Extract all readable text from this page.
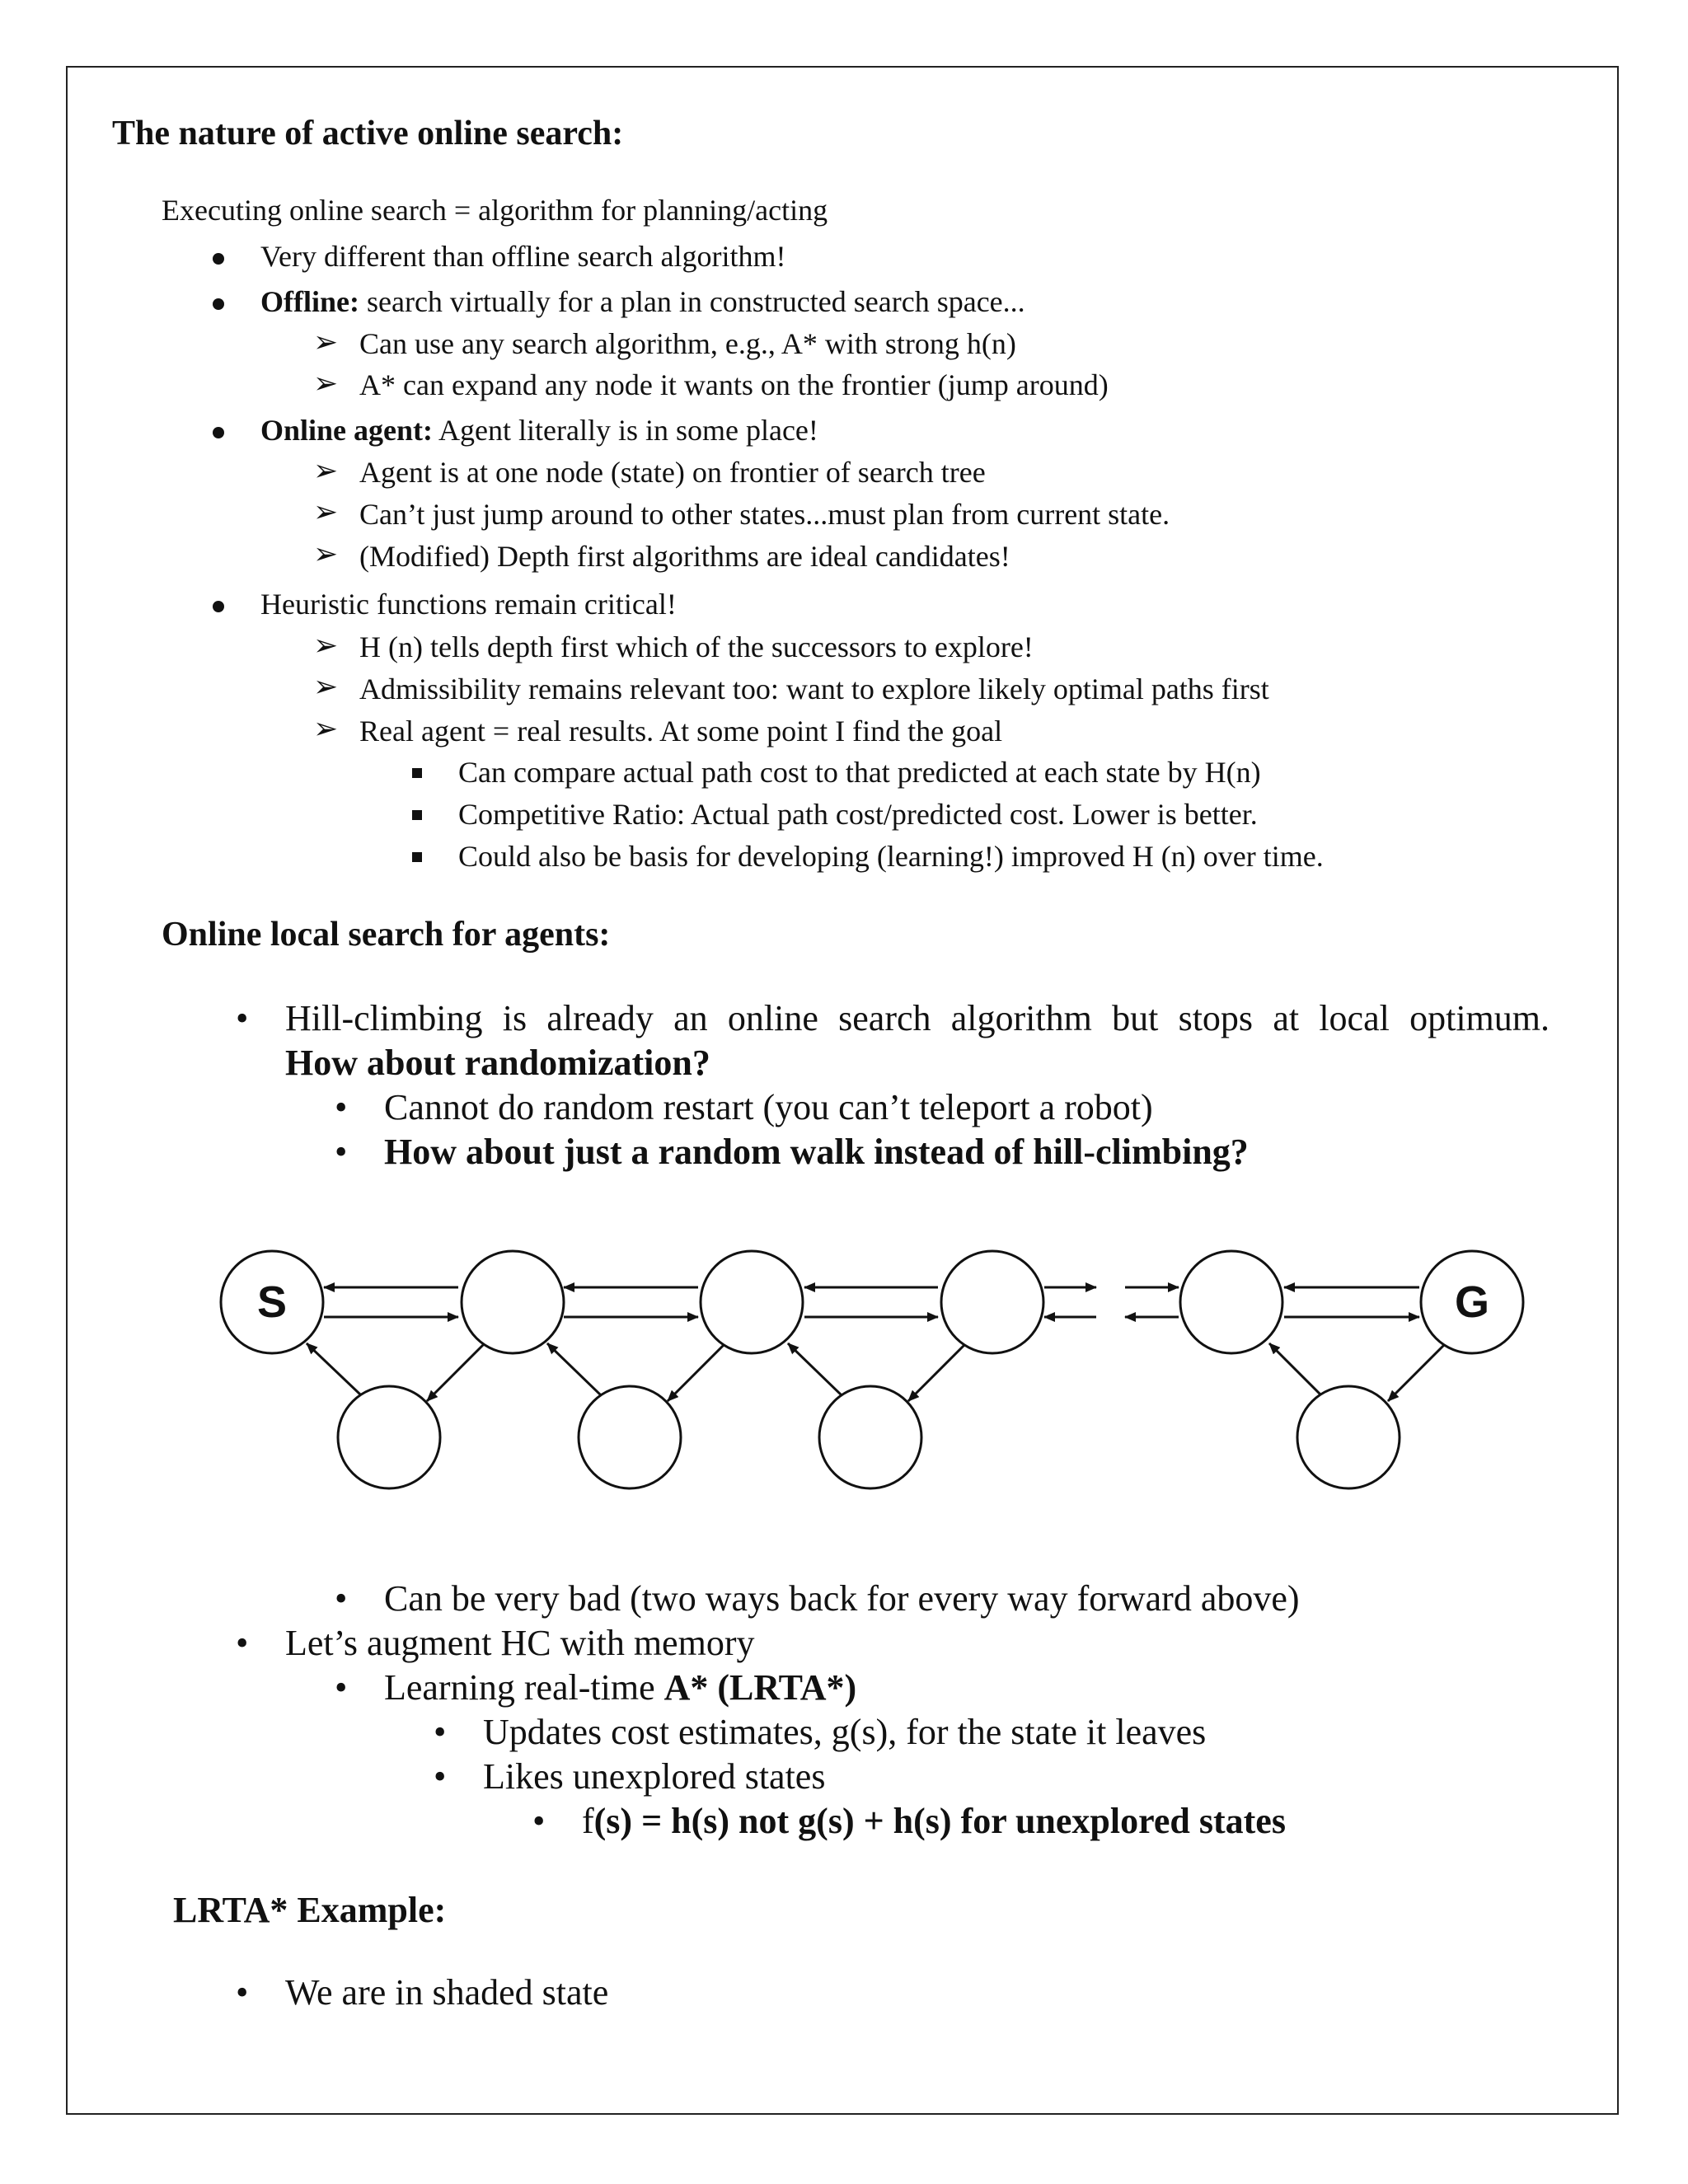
The nature of active online search:
Executing online search = algorithm for planning/acting
Very different than offline search algorithm!
Offline: search virtually for a plan in constructed search space...
➢ Can use any search algorithm, e.g., A* with strong h(n)
➢ A* can expand any node it wants on the frontier (jump around)
Online agent: Agent literally is in some place!
➢ Agent is at one node (state) on frontier of search tree
➢ Can’t just jump around to other states...must plan from current state.
➢ (Modified) Depth first algorithms are ideal candidates!
Heuristic functions remain critical!
➢ H (n) tells depth first which of the successors to explore!
➢ Admissibility remains relevant too: want to explore likely optimal paths first
➢ Real agent = real results. At some point I find the goal
Can compare actual path cost to that predicted at each state by H(n)
Competitive Ratio: Actual path cost/predicted cost. Lower is better.
Could also be basis for developing (learning!) improved H (n) over time.
Online local search for agents:
• Hill-climbing is already an online search algorithm but stops at local optimum.
How about randomization?
• Cannot do random restart (you can’t teleport a robot)
• How about just a random walk instead of hill-climbing?
S	G
• Can be very bad (two ways back for every way forward above)
• Let’s augment HC with memory
• Learning real-time A* (LRTA*)
• Updates cost estimates, g(s), for the state it leaves
• Likes unexplored states
• f(s) = h(s) not g(s) + h(s) for unexplored states
LRTA* Example:
• We are in shaded state
